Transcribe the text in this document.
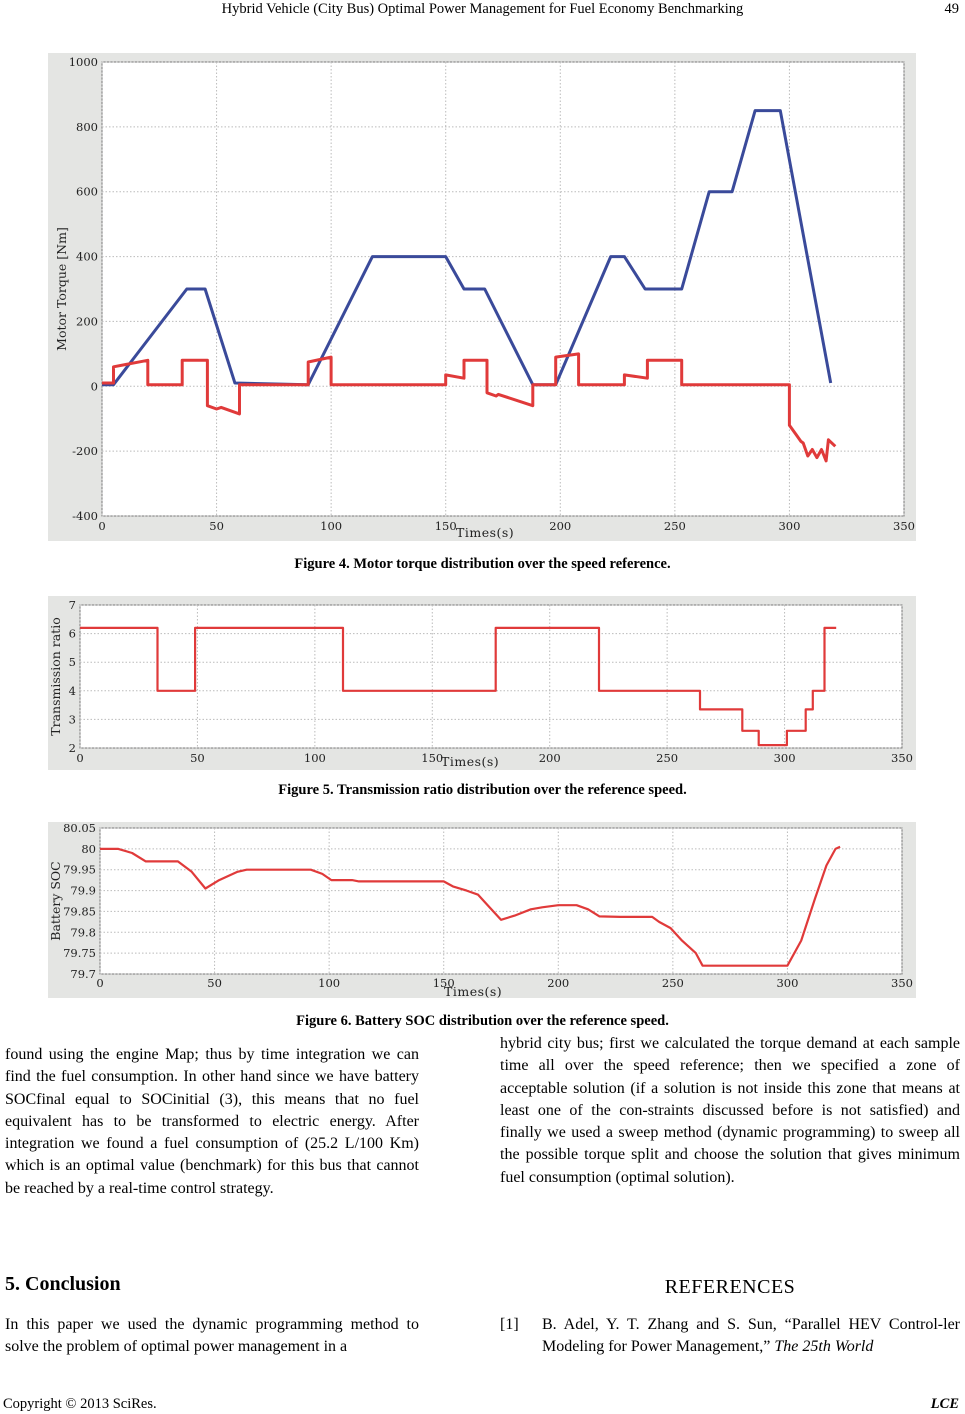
Hybrid Vehicle (City Bus) Optimal Power Management for Fuel Economy Benchmarking	49
0	50	100	150	200	250	300	350
1000
800
600
400
200
0
-200
-400
Times(s)
Motor Torque [Nm]
Figure 4. Motor torque distribution over the speed reference.
0	50	100	150	200	250	300	350
7
6
5
4
3
2
Times(s)
Transmission ratio
Figure 5. Transmission ratio distribution over the reference speed.
0	50	100	150	200	250	300	350
80.05
80
79.95
79.9
79.85
79.8
79.75
79.7
Times(s)
Battery SOC
Figure 6. Battery SOC distribution over the reference speed.

found using the engine Map; thus by time integration we can find the fuel consumption. In other hand since we have battery SOCfinal equal to SOCinitial (3), this means that no fuel equivalent has to be transformed to electric energy. After integration we found a fuel consumption of (25.2 L/100 Km) which is an optimal value (benchmark) for this bus that cannot be reached by a real-time control strategy.

5. Conclusion

In this paper we used the dynamic programming method to solve the problem of optimal power management in a

hybrid city bus; first we calculated the torque demand at each sample time all over the speed reference; then we specified a zone of acceptable solution (if a solution is not inside this zone that means at least one of the con-straints discussed before is not satisfied) and finally we used a sweep method (dynamic programming) to sweep all the possible torque split and choose the solution that gives minimum fuel consumption (optimal solution).

REFERENCES
[1] B. Adel, Y. T. Zhang and S. Sun, “Parallel HEV Control-ler Modeling for Power Management,” The 25th World
Copyright © 2013 SciRes.	LCE
